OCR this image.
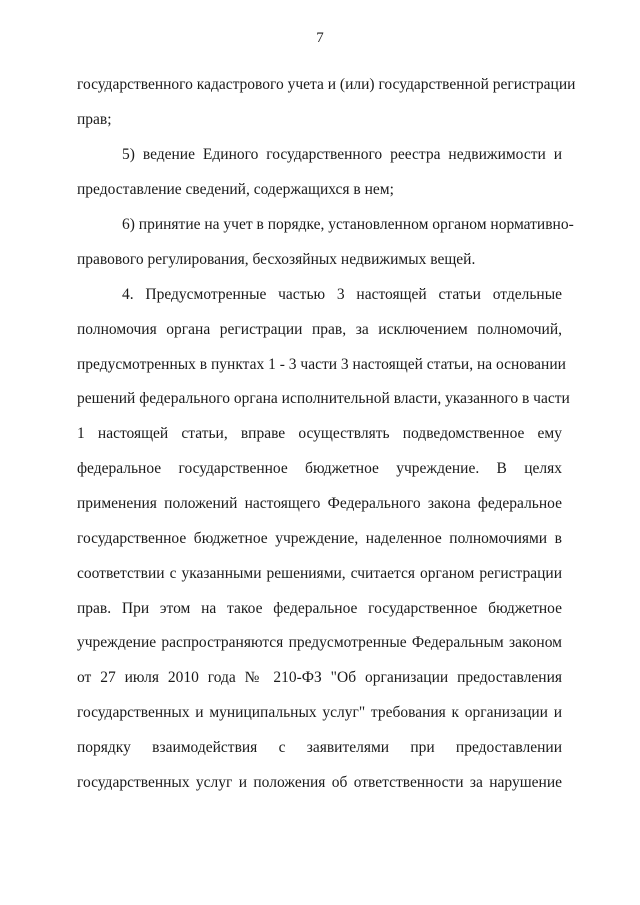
7
государственного кадастрового учета и (или) государственной регистрации
прав;
5) ведение Единого государственного реестра недвижимости и
предоставление сведений, содержащихся в нем;
6) принятие на учет в порядке, установленном органом нормативно-
правового регулирования, бесхозяйных недвижимых вещей.
4. Предусмотренные частью 3 настоящей статьи отдельные
полномочия органа регистрации прав, за исключением полномочий,
предусмотренных в пунктах 1 - 3 части 3 настоящей статьи, на основании
решений федерального органа исполнительной власти, указанного в части
1 настоящей статьи, вправе осуществлять подведомственное ему
федеральное государственное бюджетное учреждение. В целях
применения положений настоящего Федерального закона федеральное
государственное бюджетное учреждение, наделенное полномочиями в
соответствии с указанными решениями, считается органом регистрации
прав. При этом на такое федеральное государственное бюджетное
учреждение распространяются предусмотренные Федеральным законом
от 27 июля 2010 года № 210-ФЗ "Об организации предоставления
государственных и муниципальных услуг" требования к организации и
порядку взаимодействия с заявителями при предоставлении
государственных услуг и положения об ответственности за нарушение
